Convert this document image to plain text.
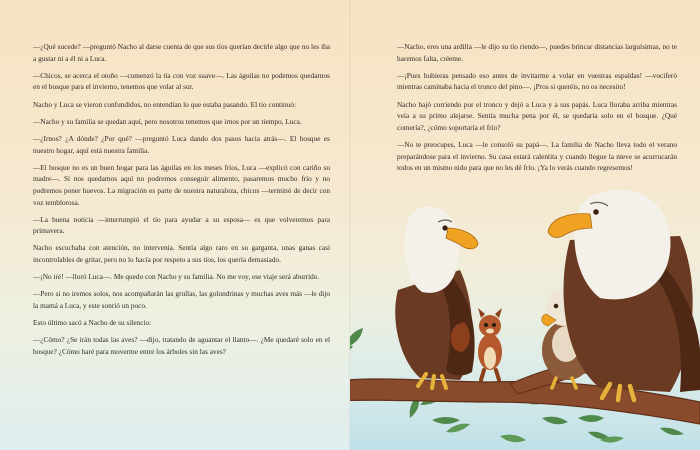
—¿Qué sucede? —preguntó Nacho al darse cuenta de que sus tíos querían decirle algo que no les iba a gustar ni a él ni a Luca.

—Chicos, se acerca el otoño —comenzó la tía con voz suave—. Las águilas no podemos quedarnos en el bosque para el invierno, tenemos que volar al sur.

Nacho y Luca se vieron confundidos, no entendían lo que estaba pasando. El tío continuó:

—Nacho y su familia se quedan aquí, pero nosotros tenemos que irnos por un tiempo, Luca.

—¿Irnos? ¿A dónde? ¿Por qué? —preguntó Luca dando dos pasos hacia atrás—. El bosque es nuestro hogar, aquí está nuestra familia.

—El bosque no es un buen hogar para las águilas en los meses fríos, Luca —explicó con cariño su madre—. Si nos quedamos aquí no podremos conseguir alimento, pasaremos mucho frío y no podremos poner huevos. La migración es parte de nuestra naturaleza, chicos —terminó de decir con voz temblorosa.

—La buena noticia —interrumpió el tío para ayudar a su esposa— es que volveremos para primavera.

Nacho escuchaba con atención, no intervenía. Sentía algo raro en su garganta, unas ganas casi incontrolables de gritar, pero no lo hacía por respeto a sus tíos, los quería demasiado.

—¡No iré! —lloró Luca—. Me quedo con Nacho y su familia. No me voy, ese viaje será aburrido.

—Pero si no iremos solos, nos acompañarán las grullas, las golondrinas y muchas aves más —le dijo la mamá a Luca, y este sonrió un poco.

Esto último sacó a Nacho de su silencio:

—¿Cómo? ¿Se irán todas las aves? —dijo, tratando de aguantar el llanto—. ¿Me quedaré solo en el bosque? ¿Cómo haré para moverme entre los árboles sin las aves?

—Nacho, eres una ardilla —le dijo su tío riendo—, puedes brincar distancias larguísimas, no te haremos falta, créeme.

—¡Pues hubieras pensado eso antes de invitarme a volar en vuestras espaldas! —vociferó mientras caminaba hacia el tronco del pino—. ¡Pros si queréis, no os necesito!

Nacho bajó corriendo por el tronco y dejó a Luca y a sus papás. Luca lloraba arriba mientras veía a su primo alejarse. Sentía mucha pena por él, se quedaría solo en el bosque. ¿Qué comería?, ¿cómo soportaría el frío?

—No te preocupes, Luca —le consoló su papá—. La familia de Nacho lleva todo el verano preparándose para el invierno. Su casa estará calentita y cuando llegue la nieve se acurrucarán todos en un mismo nido para que no les dé frío. ¡Ya lo verás cuando regresemos!
